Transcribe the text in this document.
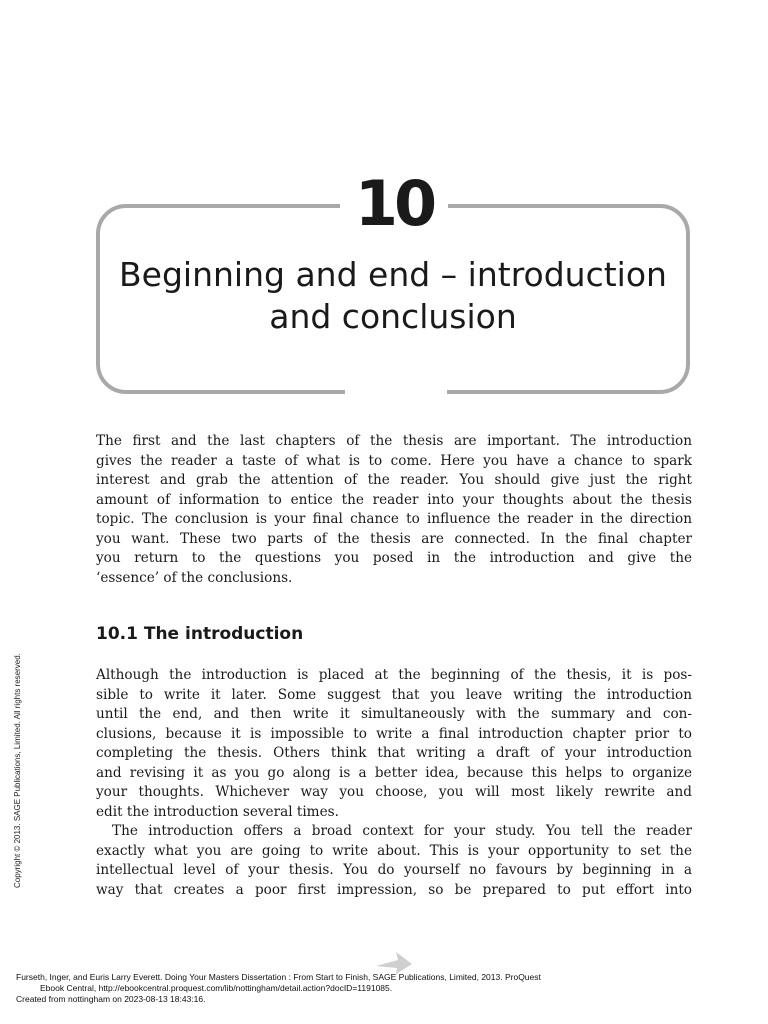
10
Beginning and end – introduction
and conclusion
The first and the last chapters of the thesis are important. The introduction
gives the reader a taste of what is to come. Here you have a chance to spark
interest and grab the attention of the reader. You should give just the right
amount of information to entice the reader into your thoughts about the thesis
topic. The conclusion is your final chance to influence the reader in the direction
you want. These two parts of the thesis are connected. In the final chapter
you return to the questions you posed in the introduction and give the
‘essence’ of the conclusions.
10.1 The introduction
Although the introduction is placed at the beginning of the thesis, it is pos-
sible to write it later. Some suggest that you leave writing the introduction
until the end, and then write it simultaneously with the summary and con-
clusions, because it is impossible to write a final introduction chapter prior to
completing the thesis. Others think that writing a draft of your introduction
and revising it as you go along is a better idea, because this helps to organize
your thoughts. Whichever way you choose, you will most likely rewrite and
edit the introduction several times.
The introduction offers a broad context for your study. You tell the reader
exactly what you are going to write about. This is your opportunity to set the
intellectual level of your thesis. You do yourself no favours by beginning in a
way that creates a poor first impression, so be prepared to put effort into
Copyright © 2013. SAGE Publications, Limited. All rights reserved.
Furseth, Inger, and Euris Larry Everett. Doing Your Masters Dissertation : From Start to Finish, SAGE Publications, Limited, 2013. ProQuest
Ebook Central, http://ebookcentral.proquest.com/lib/nottingham/detail.action?docID=1191085.
Created from nottingham on 2023-08-13 18:43:16.
